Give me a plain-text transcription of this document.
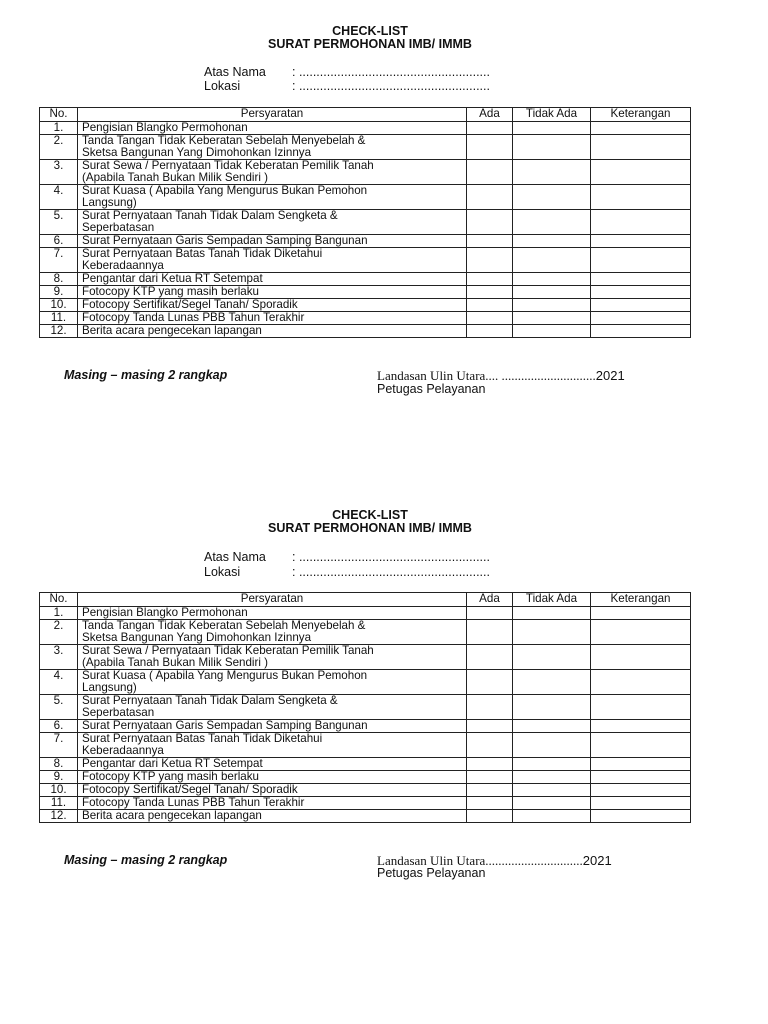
CHECK-LIST
SURAT PERMOHONAN IMB/ IMMB
Atas Nama : .......................................................
Lokasi	: .......................................................
No.	Persyaratan	Ada	Tidak Ada	Keterangan
1.	Pengisian Blangko Permohonan			

2.	Tanda Tangan Tidak Keberatan Sebelah Menyebelah &
Sketsa Bangunan Yang Dimohonkan Izinnya			

3.	Surat Sewa / Pernyataan Tidak Keberatan Pemilik Tanah
(Apabila Tanah Bukan Milik Sendiri )			

4.	Surat Kuasa ( Apabila Yang Mengurus Bukan Pemohon
Langsung)			

5.	Surat Pernyataan Tanah Tidak Dalam Sengketa &
Seperbatasan			

6.	Surat Pernyataan Garis Sempadan Samping Bangunan			

7.	Surat Pernyataan Batas Tanah Tidak Diketahui
Keberadaannya			

8.	Pengantar dari Ketua RT Setempat			

9.	Fotocopy KTP yang masih berlaku			

10.	Fotocopy Sertifikat/Segel Tanah/ Sporadik			

11.	Fotocopy Tanda Lunas PBB Tahun Terakhir			

12.	Berita acara pengecekan lapangan			

Masing – masing 2 rangkap	Landasan Ulin Utara.... .............................2021
Petugas Pelayanan
CHECK-LIST
SURAT PERMOHONAN IMB/ IMMB
Atas Nama : .......................................................
Lokasi	: .......................................................
No.	Persyaratan	Ada	Tidak Ada	Keterangan
1.	Pengisian Blangko Permohonan			

2.	Tanda Tangan Tidak Keberatan Sebelah Menyebelah &
Sketsa Bangunan Yang Dimohonkan Izinnya			

3.	Surat Sewa / Pernyataan Tidak Keberatan Pemilik Tanah
(Apabila Tanah Bukan Milik Sendiri )			

4.	Surat Kuasa ( Apabila Yang Mengurus Bukan Pemohon
Langsung)			

5.	Surat Pernyataan Tanah Tidak Dalam Sengketa &
Seperbatasan			

6.	Surat Pernyataan Garis Sempadan Samping Bangunan			

7.	Surat Pernyataan Batas Tanah Tidak Diketahui
Keberadaannya			

8.	Pengantar dari Ketua RT Setempat			

9.	Fotocopy KTP yang masih berlaku			

10.	Fotocopy Sertifikat/Segel Tanah/ Sporadik			

11.	Fotocopy Tanda Lunas PBB Tahun Terakhir			

12.	Berita acara pengecekan lapangan			

Masing – masing 2 rangkap	Landasan Ulin Utara..............................2021
Petugas Pelayanan
